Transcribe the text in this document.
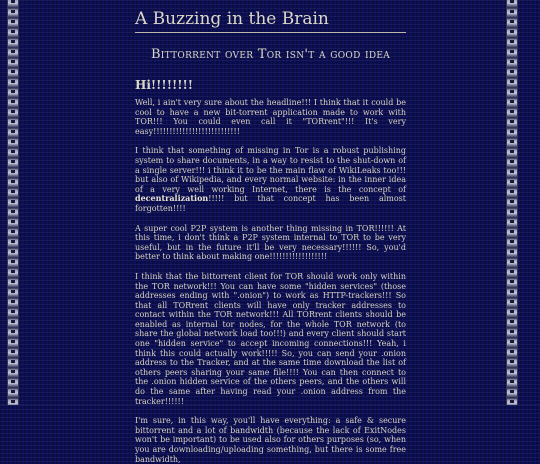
A Buzzing in the Brain
Bittorrent over Tor isn't a good idea
Hi!!!!!!!!

Well, i ain't very sure about the headline!!! I think that it could be cool to have a new bit-torrent application made to work with TOR!!! You could even call it "TORrent"!!! It's very easy!!!!!!!!!!!!!!!!!!!!!!!!!!!

I think that something of missing in Tor is a robust publishing system to share documents, in a way to resist to the shut-down of a single server!!! i think it to be the main flaw of WikiLeaks too!!! but also of Wikipedia, and every normal website: in the inner idea of a very well working Internet, there is the concept of decentralization!!!!! but that concept has been almost forgotten!!!!

A super cool P2P system is another thing missing in TOR!!!!!! At this time, i don't think a P2P system internal to TOR to be very useful, but in the future it'll be very necessary!!!!!! So, you'd better to think about making one!!!!!!!!!!!!!!!!!!

I think that the bittorrent client for TOR should work only within the TOR network!!! You can have some "hidden services" (those addresses ending with ".onion") to work as HTTP-trackers!!! So that all TORrent clients will have only tracker addresses to contact within the TOR network!!! All TORrent clients should be enabled as internal tor nodes, for the whole TOR network (to share the global network load too!!!) and every client should start one "hidden service" to accept incoming connections!!! Yeah, i think this could actually work!!!!! So, you can send your .onion address to the Tracker, and at the same time download the list of others peers sharing your same file!!!! You can then connect to the .onion hidden service of the others peers, and the others will do the same after having read your .onion address from the tracker!!!!!!

I'm sure, in this way, you'll have everything: a safe & secure bittorrent and a lot of bandwidth (because the lack of ExitNodes won't be important) to be used also for others purposes (so, when you are downloading/uploading something, but there is some free bandwidth,
